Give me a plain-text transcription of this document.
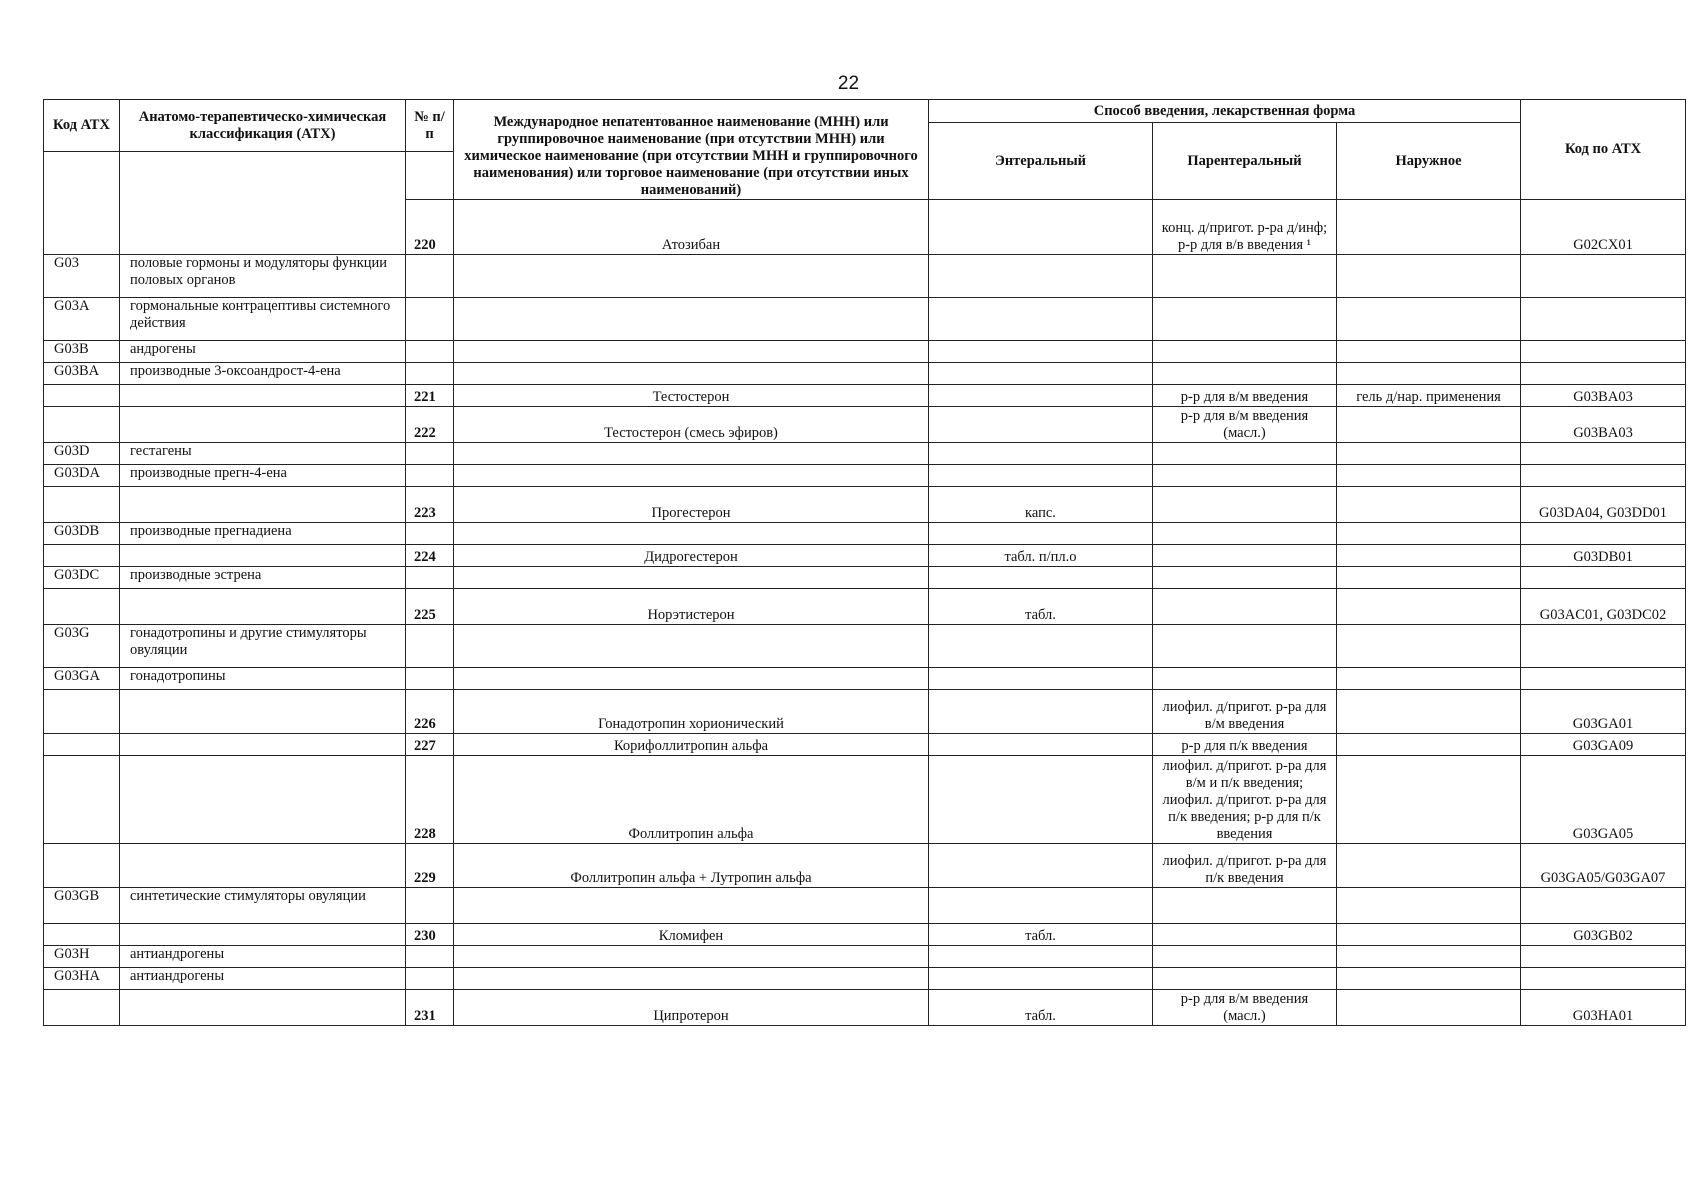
22
Код АТХ	Анатомо-терапевтическо-химическая классификация (АТХ)	№ п/п	Международное непатентованное наименование (МНН) или группировочное наименование (при отсутствии МНН) или химическое наименование (при отсутствии МНН и группировочного наименования) или торговое наименование (при отсутствии иных наименований)	Способ введения, лекарственная форма			Код по АТХ
				Энтеральный	Парентеральный	Наружное	

		220	Атозибан		конц. д/пригот. р-ра д/инф; р-р для в/в введения ¹		G02CX01
G03	половые гормоны и модуляторы функции половых органов						
G03A	гормональные контрацептивы системного действия						
G03B	андрогены						
G03BA	производные 3-оксоандрост-4-ена						
		221	Тестостерон		р-р для в/м введения	гель д/нар. применения	G03BA03
		222	Тестостерон (смесь эфиров)		р-р для в/м введения (масл.)		G03BA03
G03D	гестагены						
G03DA	производные прегн-4-ена						
		223	Прогестерон	капс.			G03DA04, G03DD01
G03DB	производные прегнадиена						
		224	Дидрогестерон	табл. п/пл.о			G03DB01
G03DC	производные эстрена						
		225	Норэтистерон	табл.			G03AC01, G03DC02
G03G	гонадотропины и другие стимуляторы овуляции						
G03GA	гонадотропины						
		226	Гонадотропин хорионический		лиофил. д/пригот. р-ра для в/м введения		G03GA01
		227	Корифоллитропин альфа		р-р для п/к введения		G03GA09
		228	Фоллитропин альфа		лиофил. д/пригот. р-ра для в/м и п/к введения; лиофил. д/пригот. р-ра для п/к введения; р-р для п/к введения		G03GA05
		229	Фоллитропин альфа + Лутропин альфа		лиофил. д/пригот. р-ра для п/к введения		G03GA05/G03GA07
G03GB	синтетические стимуляторы овуляции						
		230	Кломифен	табл.			G03GB02
G03H	антиандрогены						
G03HA	антиандрогены						
		231	Ципротерон	табл.	р-р для в/м введения (масл.)		G03HA01
